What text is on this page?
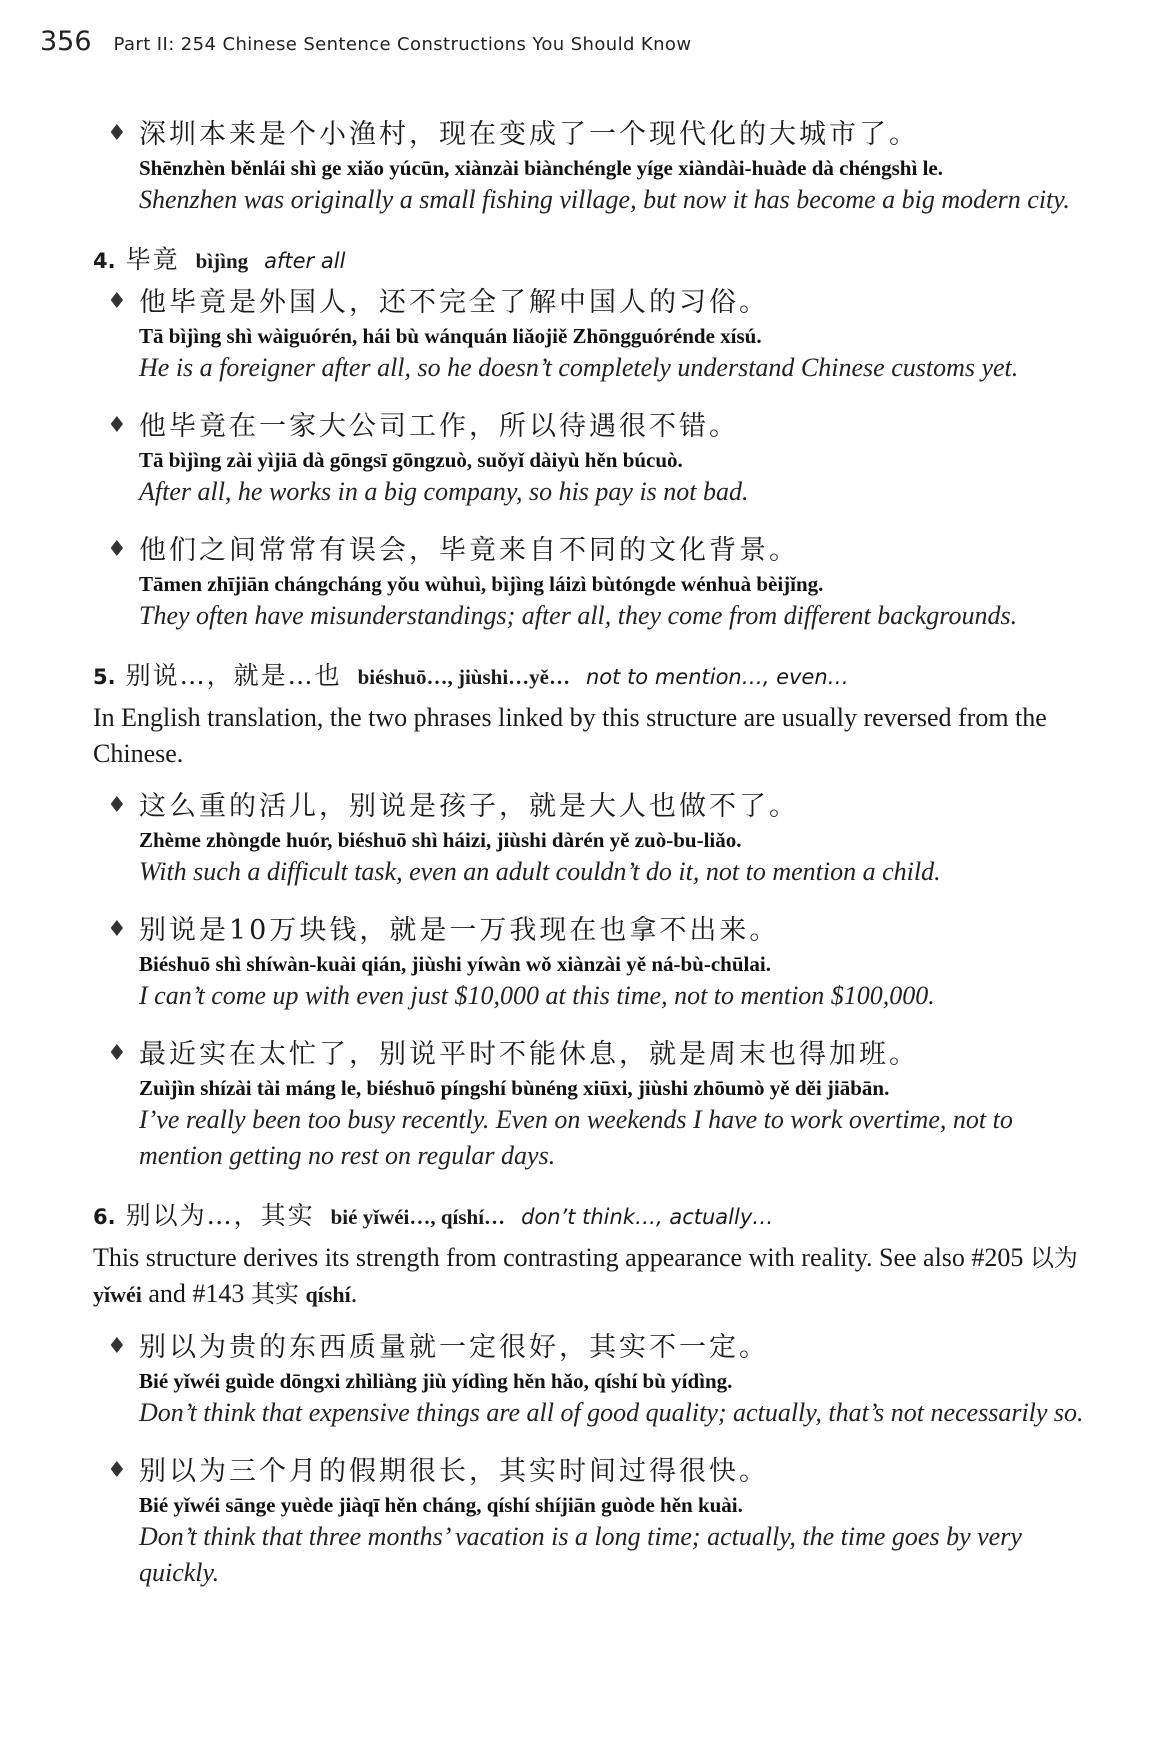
356 Part II: 254 Chinese Sentence Constructions You Should Know
♦ 深圳本来是个小渔村，现在变成了一个现代化的大城市了。
Shēnzhèn běnlái shì ge xiǎo yúcūn, xiànzài biànchéngle yíge xiàndài-huàde dà chéngshì le.
Shenzhen was originally a small fishing village, but now it has become a big modern city.
4. 毕竟 bìjìng after all
♦ 他毕竟是外国人，还不完全了解中国人的习俗。
Tā bìjìng shì wàiguórén, hái bù wánquán liǎojiě Zhōngguórénde xísú.
He is a foreigner after all, so he doesn’t completely understand Chinese customs yet.
♦ 他毕竟在一家大公司工作，所以待遇很不错。
Tā bìjìng zài yìjiā dà gōngsī gōngzuò, suǒyǐ dàiyù hěn búcuò.
After all, he works in a big company, so his pay is not bad.
♦ 他们之间常常有误会，毕竟来自不同的文化背景。
Tāmen zhījiān chángcháng yǒu wùhuì, bìjìng láizì bùtóngde wénhuà bèijǐng.
They often have misunderstandings; after all, they come from different backgrounds.
5. 别说…，就是…也 biéshuō…, jiùshi…yě… not to mention…, even…
In English translation, the two phrases linked by this structure are usually reversed from the Chinese.
♦ 这么重的活儿，别说是孩子，就是大人也做不了。
Zhème zhòngde huór, biéshuō shì háizi, jiùshi dàrén yě zuò-bu-liǎo.
With such a difficult task, even an adult couldn’t do it, not to mention a child.
♦ 别说是10万块钱，就是一万我现在也拿不出来。
Biéshuō shì shíwàn-kuài qián, jiùshi yíwàn wǒ xiànzài yě ná-bù-chūlai.
I can’t come up with even just $10,000 at this time, not to mention $100,000.
♦ 最近实在太忙了，别说平时不能休息，就是周末也得加班。
Zuìjìn shízài tài máng le, biéshuō píngshí bùnéng xiūxi, jiùshi zhōumò yě děi jiābān.
I’ve really been too busy recently. Even on weekends I have to work overtime, not to mention getting no rest on regular days.
6. 别以为…，其实 bié yǐwéi…, qíshí… don’t think…, actually…
This structure derives its strength from contrasting appearance with reality. See also #205 以为 yǐwéi and #143 其实 qíshí.
♦ 别以为贵的东西质量就一定很好，其实不一定。
Bié yǐwéi guìde dōngxi zhìliàng jiù yídìng hěn hǎo, qíshí bù yídìng.
Don’t think that expensive things are all of good quality; actually, that’s not necessarily so.
♦ 别以为三个月的假期很长，其实时间过得很快。
Bié yǐwéi sānge yuède jiàqī hěn cháng, qíshí shíjiān guòde hěn kuài.
Don’t think that three months’ vacation is a long time; actually, the time goes by very quickly.
